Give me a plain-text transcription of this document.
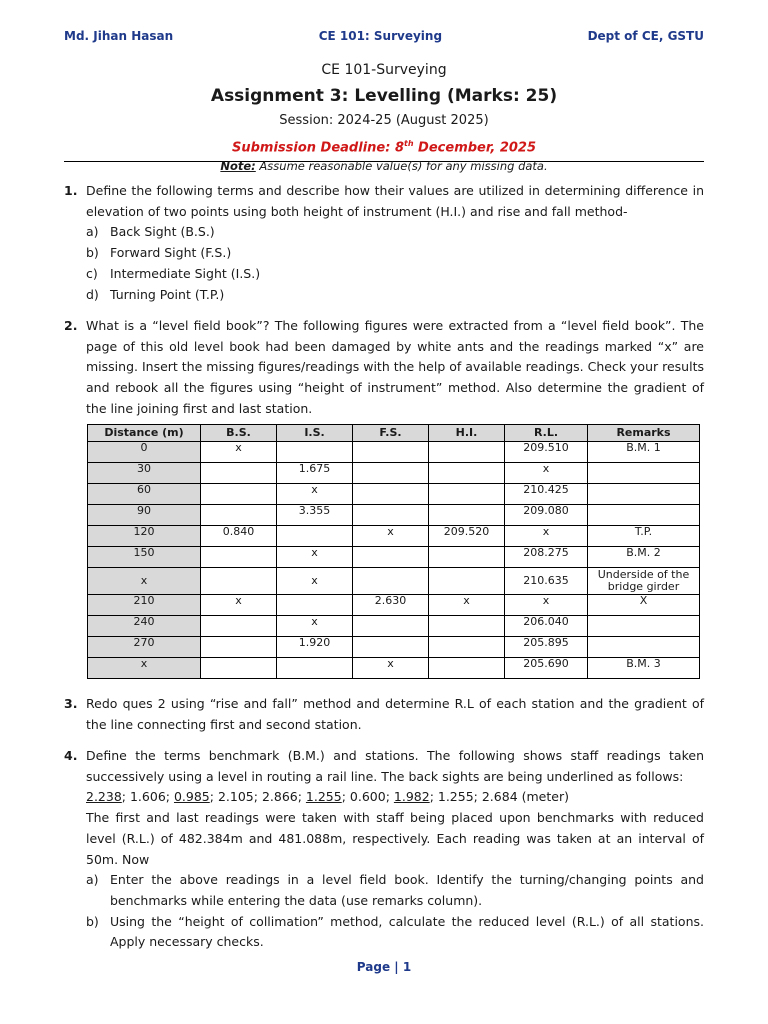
Md. Jihan Hasan	CE 101: Surveying	Dept of CE, GSTU
CE 101-Surveying
Assignment 3: Levelling (Marks: 25)
Session: 2024-25 (August 2025)
Submission Deadline: 8th December, 2025
Note: Assume reasonable value(s) for any missing data.
1. Define the following terms and describe how their values are utilized in determining difference in elevation of two points using both height of instrument (H.I.) and rise and fall method-
a) Back Sight (B.S.)
b) Forward Sight (F.S.)
c) Intermediate Sight (I.S.)
d) Turning Point (T.P.)
2. What is a “level field book”? The following figures were extracted from a “level field book”. The page of this old level book had been damaged by white ants and the readings marked “x” are missing. Insert the missing figures/readings with the help of available readings. Check your results and rebook all the figures using “height of instrument” method. Also determine the gradient of the line joining first and last station.
Distance (m)	B.S.	I.S.	F.S.	H.I.	R.L.	Remarks
0	x				209.510	B.M. 1
30		1.675			x	
60		x			210.425	
90		3.355			209.080	
120	0.840		x	209.520	x	T.P.
150		x			208.275	B.M. 2
x		x			210.635	Underside of the bridge girder
210	x		2.630	x	x	X
240		x			206.040	
270		1.920			205.895	
x			x		205.690	B.M. 3
3. Redo ques 2 using “rise and fall” method and determine R.L of each station and the gradient of the line connecting first and second station.
4. Define the terms benchmark (B.M.) and stations. The following shows staff readings taken successively using a level in routing a rail line. The back sights are being underlined as follows:
2.238; 1.606; 0.985; 2.105; 2.866; 1.255; 0.600; 1.982; 1.255; 2.684 (meter)
The first and last readings were taken with staff being placed upon benchmarks with reduced level (R.L.) of 482.384m and 481.088m, respectively. Each reading was taken at an interval of 50m. Now
a) Enter the above readings in a level field book. Identify the turning/changing points and benchmarks while entering the data (use remarks column).
b) Using the “height of collimation” method, calculate the reduced level (R.L.) of all stations. Apply necessary checks.
Page | 1
